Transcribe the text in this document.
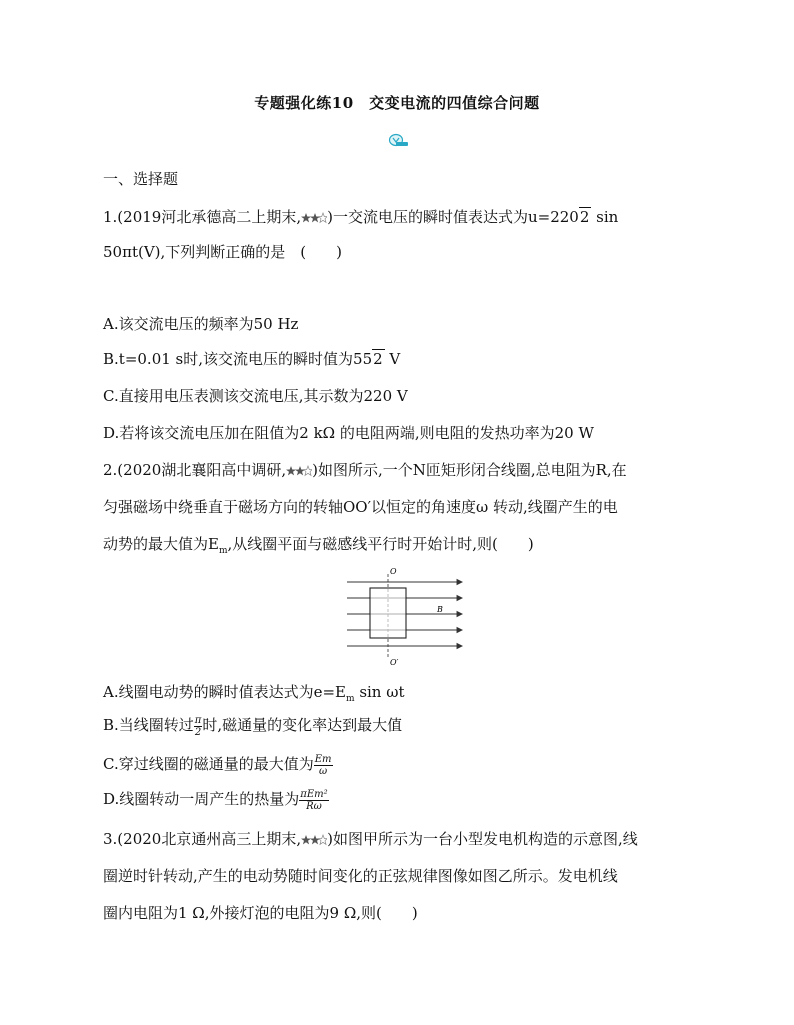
专题强化练10　交变电流的四值综合问题
一、选择题
1.(2019河北承德高二上期末, )一交流电压的瞬时值表达式为u=2202 sin
50πt(V),下列判断正确的是　(　　)
A.该交流电压的频率为50 Hz
B.t=0.01 s时,该交流电压的瞬时值为552 V
C.直接用电压表测该交流电压,其示数为220 V
D.若将该交流电压加在阻值为2 kΩ 的电阻两端,则电阻的发热功率为20 W
2.(2020湖北襄阳高中调研, )如图所示,一个N匝矩形闭合线圈,总电阻为R,在
匀强磁场中绕垂直于磁场方向的转轴OO′以恒定的角速度ω 转动,线圈产生的电
动势的最大值为$E_m$,从线圈平面与磁感线平行时开始计时,则(　　)
O
O′
B
A.线圈电动势的瞬时值表达式为$e=E_m$ sin ωt
B.当线圈转过 $\frac{\pi}{2}$ 时,磁通量的变化率达到最大值
C.穿过线圈的磁通量的最大值为 $\frac{Em}{\omega}$
D.线圈转动一周产生的热量为 $\frac{\text{πEm²}}{R\omega}$
3.(2020北京通州高三上期末, )如图甲所示为一台小型发电机构造的示意图,线
圈逆时针转动,产生的电动势随时间变化的正弦规律图像如图乙所示。发电机线
圈内电阻为1 Ω,外接灯泡的电阻为9 Ω,则(　　)
